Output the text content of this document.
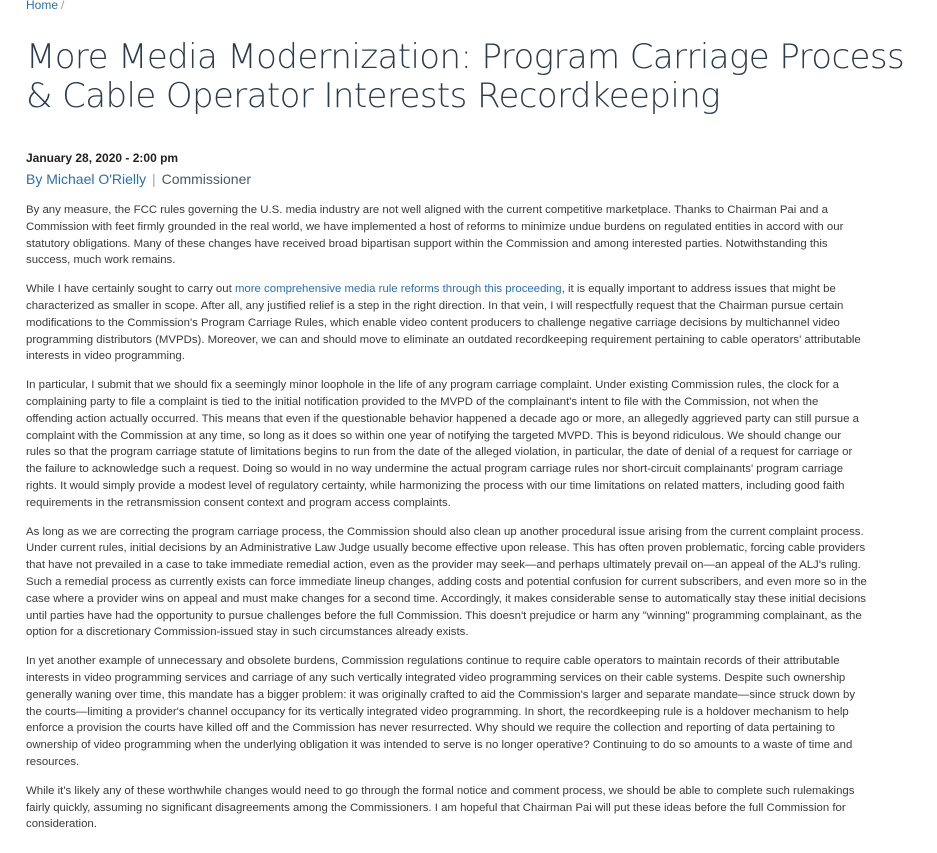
Home /
More Media Modernization: Program Carriage Process & Cable Operator Interests Recordkeeping
January 28, 2020 - 2:00 pm
By Michael O'Rielly | Commissioner

By any measure, the FCC rules governing the U.S. media industry are not well aligned with the current competitive marketplace. Thanks to Chairman Pai and a Commission with feet firmly grounded in the real world, we have implemented a host of reforms to minimize undue burdens on regulated entities in accord with our statutory obligations. Many of these changes have received broad bipartisan support within the Commission and among interested parties. Notwithstanding this success, much work remains.

While I have certainly sought to carry out more comprehensive media rule reforms through this proceeding, it is equally important to address issues that might be characterized as smaller in scope. After all, any justified relief is a step in the right direction. In that vein, I will respectfully request that the Chairman pursue certain modifications to the Commission's Program Carriage Rules, which enable video content producers to challenge negative carriage decisions by multichannel video programming distributors (MVPDs). Moreover, we can and should move to eliminate an outdated recordkeeping requirement pertaining to cable operators' attributable interests in video programming.

In particular, I submit that we should fix a seemingly minor loophole in the life of any program carriage complaint. Under existing Commission rules, the clock for a complaining party to file a complaint is tied to the initial notification provided to the MVPD of the complainant's intent to file with the Commission, not when the offending action actually occurred. This means that even if the questionable behavior happened a decade ago or more, an allegedly aggrieved party can still pursue a complaint with the Commission at any time, so long as it does so within one year of notifying the targeted MVPD. This is beyond ridiculous. We should change our rules so that the program carriage statute of limitations begins to run from the date of the alleged violation, in particular, the date of denial of a request for carriage or the failure to acknowledge such a request. Doing so would in no way undermine the actual program carriage rules nor short-circuit complainants' program carriage rights. It would simply provide a modest level of regulatory certainty, while harmonizing the process with our time limitations on related matters, including good faith requirements in the retransmission consent context and program access complaints.

As long as we are correcting the program carriage process, the Commission should also clean up another procedural issue arising from the current complaint process. Under current rules, initial decisions by an Administrative Law Judge usually become effective upon release. This has often proven problematic, forcing cable providers that have not prevailed in a case to take immediate remedial action, even as the provider may seek—and perhaps ultimately prevail on—an appeal of the ALJ's ruling. Such a remedial process as currently exists can force immediate lineup changes, adding costs and potential confusion for current subscribers, and even more so in the case where a provider wins on appeal and must make changes for a second time. Accordingly, it makes considerable sense to automatically stay these initial decisions until parties have had the opportunity to pursue challenges before the full Commission. This doesn't prejudice or harm any "winning" programming complainant, as the option for a discretionary Commission-issued stay in such circumstances already exists.

In yet another example of unnecessary and obsolete burdens, Commission regulations continue to require cable operators to maintain records of their attributable interests in video programming services and carriage of any such vertically integrated video programming services on their cable systems. Despite such ownership generally waning over time, this mandate has a bigger problem: it was originally crafted to aid the Commission's larger and separate mandate—since struck down by the courts—limiting a provider's channel occupancy for its vertically integrated video programming. In short, the recordkeeping rule is a holdover mechanism to help enforce a provision the courts have killed off and the Commission has never resurrected. Why should we require the collection and reporting of data pertaining to ownership of video programming when the underlying obligation it was intended to serve is no longer operative? Continuing to do so amounts to a waste of time and resources.

While it's likely any of these worthwhile changes would need to go through the formal notice and comment process, we should be able to complete such rulemakings fairly quickly, assuming no significant disagreements among the Commissioners. I am hopeful that Chairman Pai will put these ideas before the full Commission for consideration.
